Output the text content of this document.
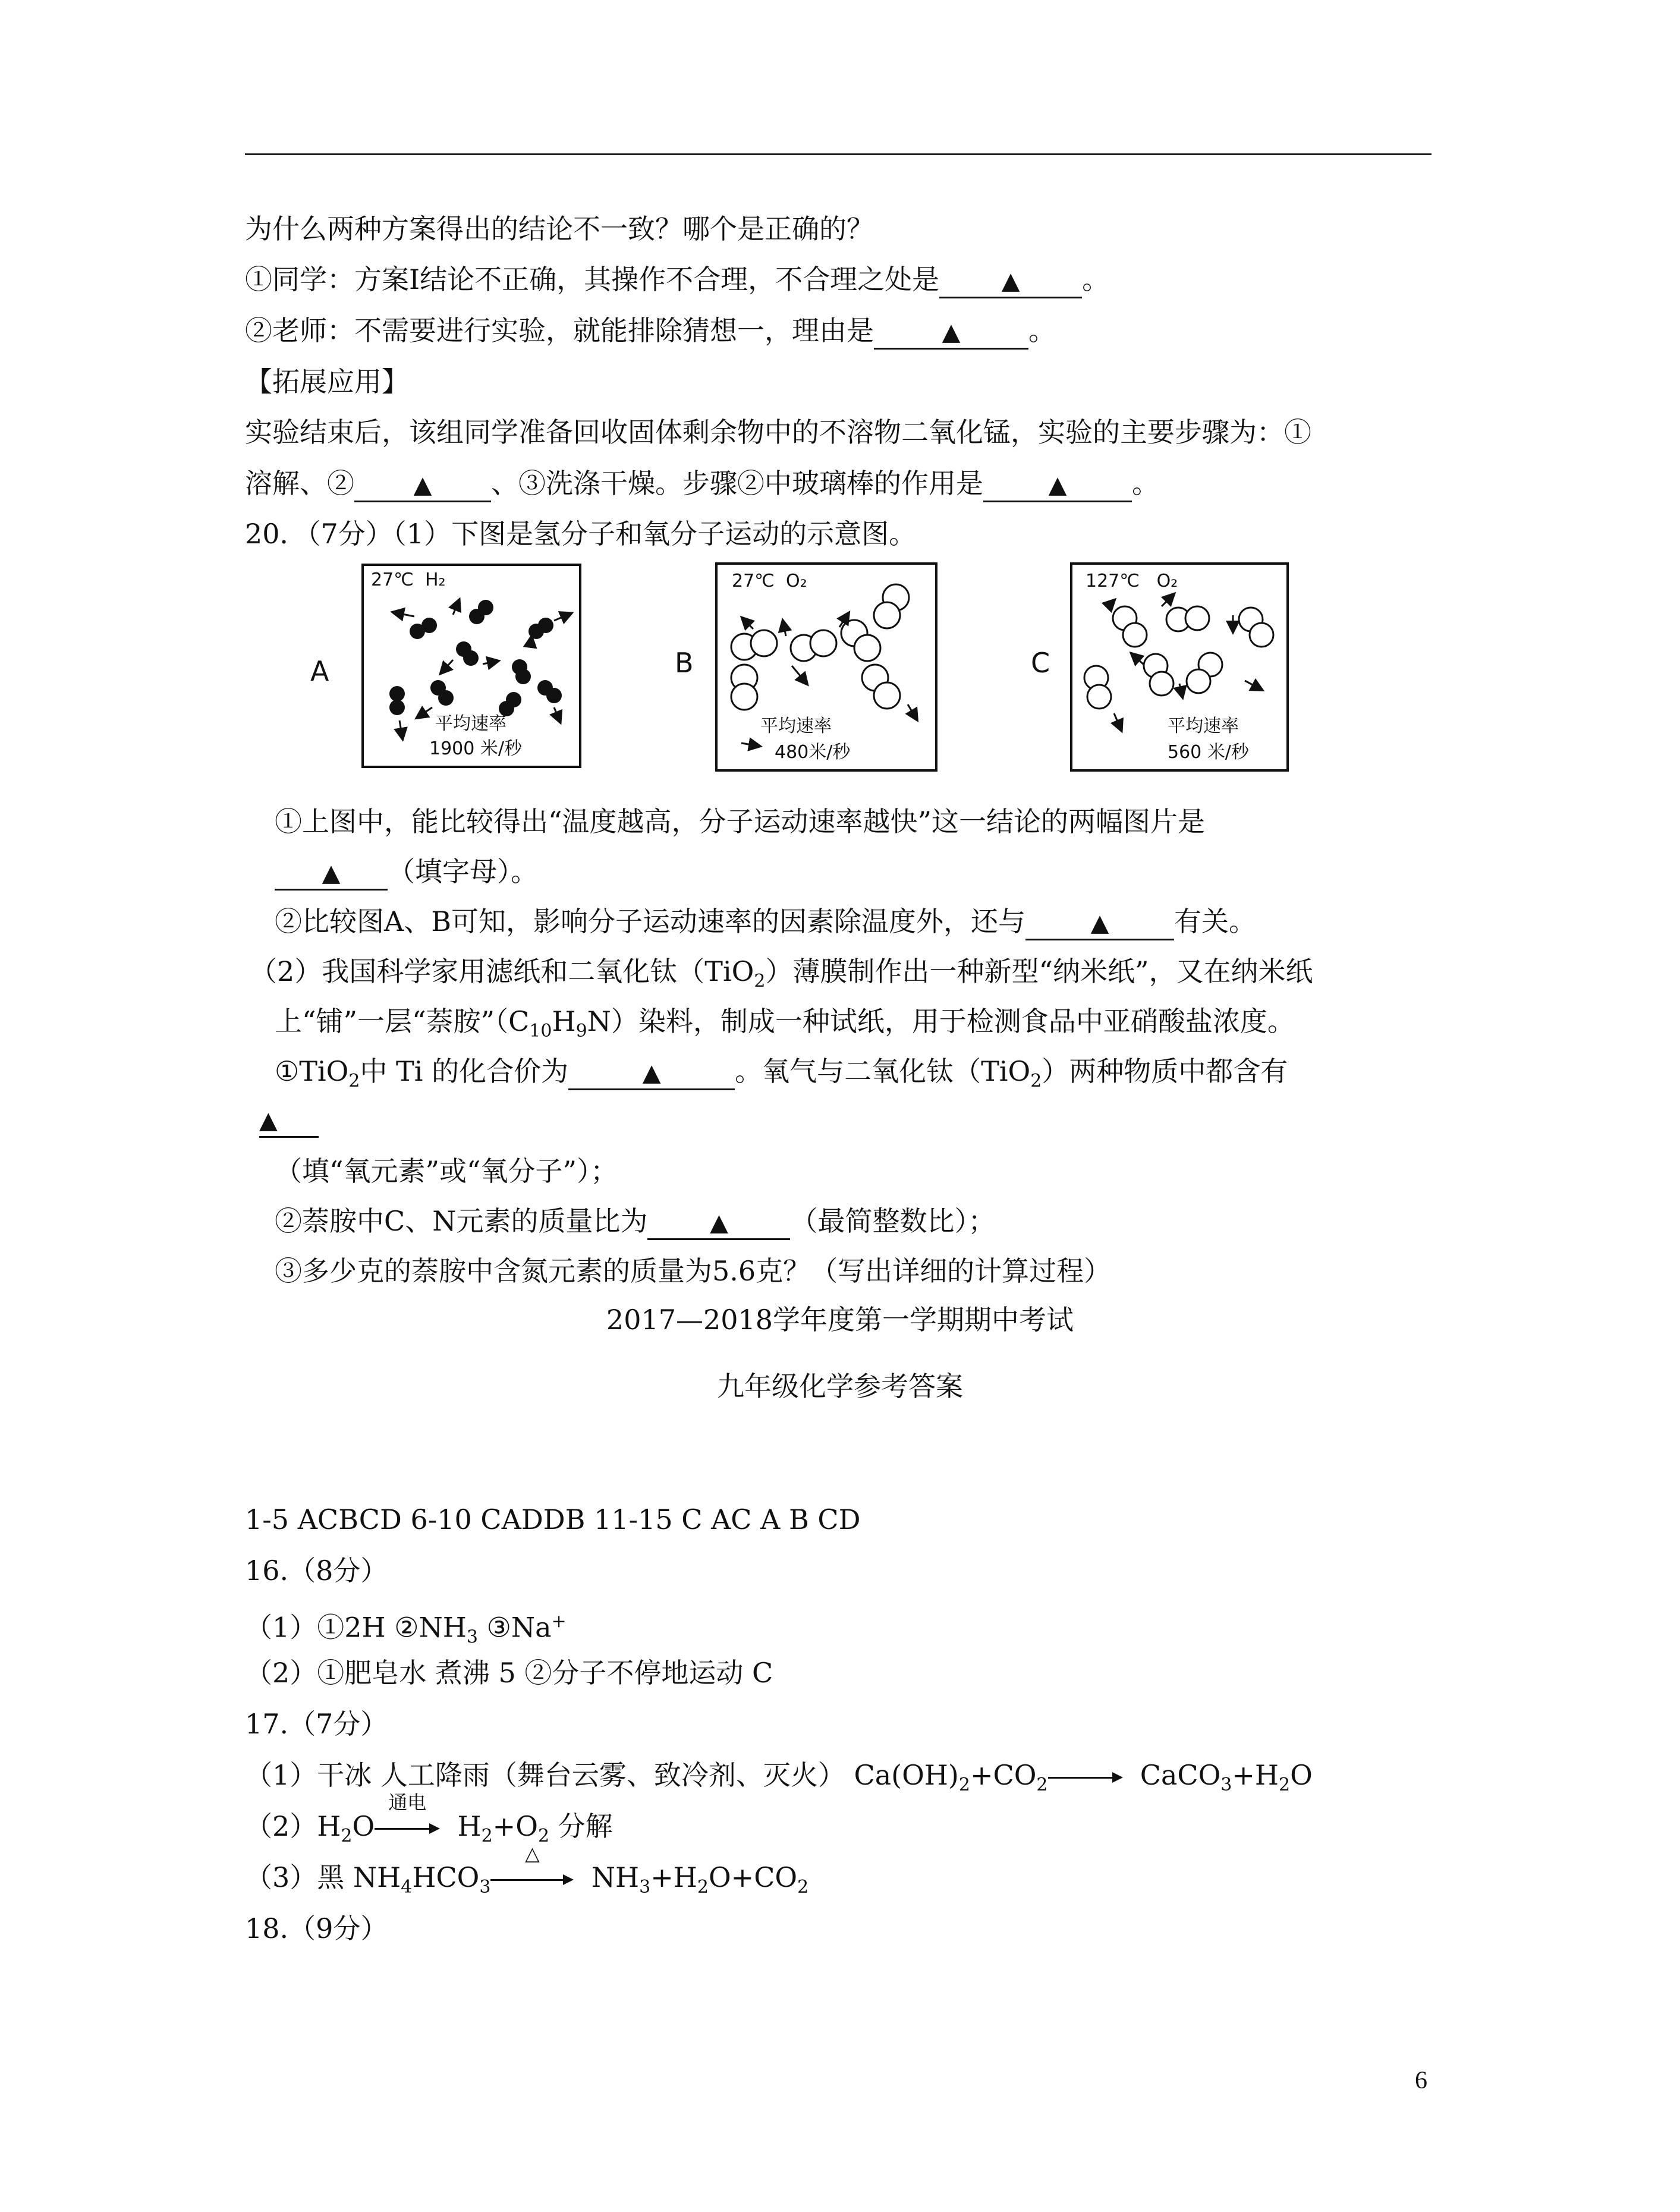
为什么两种方案得出的结论不一致？哪个是正确的？
①同学：方案Ⅰ结论不正确，其操作不合理，不合理之处是	▲ 。
②老师：不需要进行实验，就能排除猜想一，理由是	▲ 。
【拓展应用】
实验结束后，该组同学准备回收固体剩余物中的不溶物二氧化锰，实验的主要步骤为：①
溶解、② ▲ 、③洗涤干燥。步骤②中玻璃棒的作用是	▲ 。
20．（7分）（1）下图是氢分子和氧分子运动的示意图。
A
27℃ H₂
平均速率
1900 米/秒
B
27℃ O₂
平均速率
480米/秒
C
127℃ O₂
平均速率
560 米/秒
①上图中，能比较得出“温度越高，分子运动速率越快”这一结论的两幅图片是
▲ （填字母）。
②比较图A、B可知，影响分子运动速率的因素除温度外，还与	▲ 有关。
（2）我国科学家用滤纸和二氧化钛（TiO$_2$）薄膜制作出一种新型“纳米纸”，又在纳米纸
上“铺”一层“萘胺$”(C_{10}H_9N)$染料，制成一种试纸，用于检测食品中亚硝酸盐浓度。
①TiO$_2$中 Ti 的化合价为	▲	。氧气与二氧化钛（TiO$_2$）两种物质中都含有
▲
（填“氧元素”或“氧分子”）；
②萘胺中C、N元素的质量比为	▲ （最简整数比）；
③多少克的萘胺中含氮元素的质量为5.6克？（写出详细的计算过程）
2017—2018学年度第一学期期中考试
九年级化学参考答案
1-5 ACBCD 6-10 CADDB 11-15 C AC A B CD
16.（8分）
（1）①2H $②NH_3$ ③Na+
（2）①肥皂水 煮沸 5 ②分子不停地运动 C
17.（7分）
（1）干冰 人工降雨（舞台云雾、致冷剂、灭火） $Ca(OH)_2+CO_2$	$CaCO_3+H_2O$
$(2)H_2O$
通电
$H_2+O_2$ 分解
（3）黑 $NH_4HCO_3$
△
$NH_3+H_2O+CO_2$
18.（9分）
6
